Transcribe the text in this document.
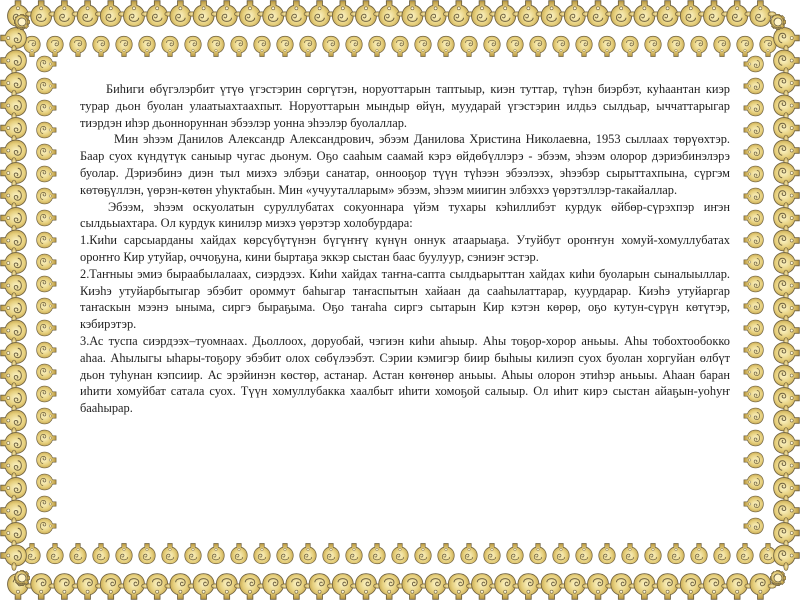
Биһиги өбүгэлэрбит үтүө үгэстэрин сөргүтэн, норуоттарын таптыыр, киэн туттар, түһэн биэрбэт, куһаантан киэр турар дьон буолан улаатыахтаахпыт. Норуоттарын мындыр өйүн, муударай үгэстэрин илдьэ сылдьар, ыччаттарыгар тиэрдэн иһэр дьонноруннан эбээлэр уонна эһээлэр буолаллар.

Мин эһээм Данилов Александр Александрович, эбээм Данилова Христина Николаевна, 1953 сыллаах төрүөхтэр. Баар суох күндүтүк саныыр чугас дьонум. Оҕо сааһым саамай кэрэ өйдөбүллэрэ - эбээм, эһээм олорор дэриэбинэлэрэ буолар. Дэриэбинэ диэн тыл миэхэ элбэҕи санатар, оннооҕор түүн түһээн эбээлээх, эһээбэр сырыттахпына, сүргэм көтөҕүллэн, үөрэн-көтөн уһуктабын. Мин «учууталларым» эбээм, эһээм миигин элбэххэ үөрэтэллэр-такайаллар.

Эбээм, эһээм оскуолатын суруллубатах сокуоннара үйэм тухары кэһиллибэт курдук өйбөр-сүрэхпэр иҥэн сылдьыахтара. Ол курдук кинилэр миэхэ үөрэтэр холобурдара:

1.Киһи сарсыарданы хайдах көрсүбүтүнэн бүгүҥҥү күнүн оннук атаарыаҕа. Утуйбут ороҥҥун хомуй-хомуллубатах ороҥҥо Кир утуйар, оччоҕуна, кини быртаҕа эккэр сыстан баас буулуур, сэниэҥ эстэр.

2.Таҥныы эмиэ быраабылалаах, сиэрдээх. Киһи хайдах таҥна-сапта сылдьарыттан хайдах киһи буоларын сыналыыллар. Киэһэ утуйарбытыгар эбэбит ороммут баһыгар таҥаспытын хайаан да сааһылаттарар, куурдарар. Киэһэ утуйаргар таҥаскын мээнэ ыныма, сиргэ быраҕыма. Оҕо таҥаһа сиргэ сытарын Кир кэтэн көрөр, оҕо кутун-сүрүн көтүтэр, кэбирэтэр.

3.Ас туспа сиэрдээх–туомнаах. Дьоллоох, доруобай, чэгиэн киһи аһыыр. Аһы тоҕор-хорор аньыы. Аһы тобохтообокко аhаа. Аһылыгы ыһары-тоҕору эбэбит олох сөбүлээбэт. Сэрии кэмигэр биир быһыы килиэп суох буолан хоргуйан өлбүт дьон туһунан кэпсиир. Ас эрэйинэн көстөр, астанар. Астан көҥөнөр аньыы. Аһыы олорон этиһэр аньыы. Аһаан баран иһити хомуйбат сатала суох. Түүн хомуллубакка хаалбыт иһити хомоҕой салыыр. Ол иһит кирэ сыстан айаҕын-уоһуҥ бааһырар.
